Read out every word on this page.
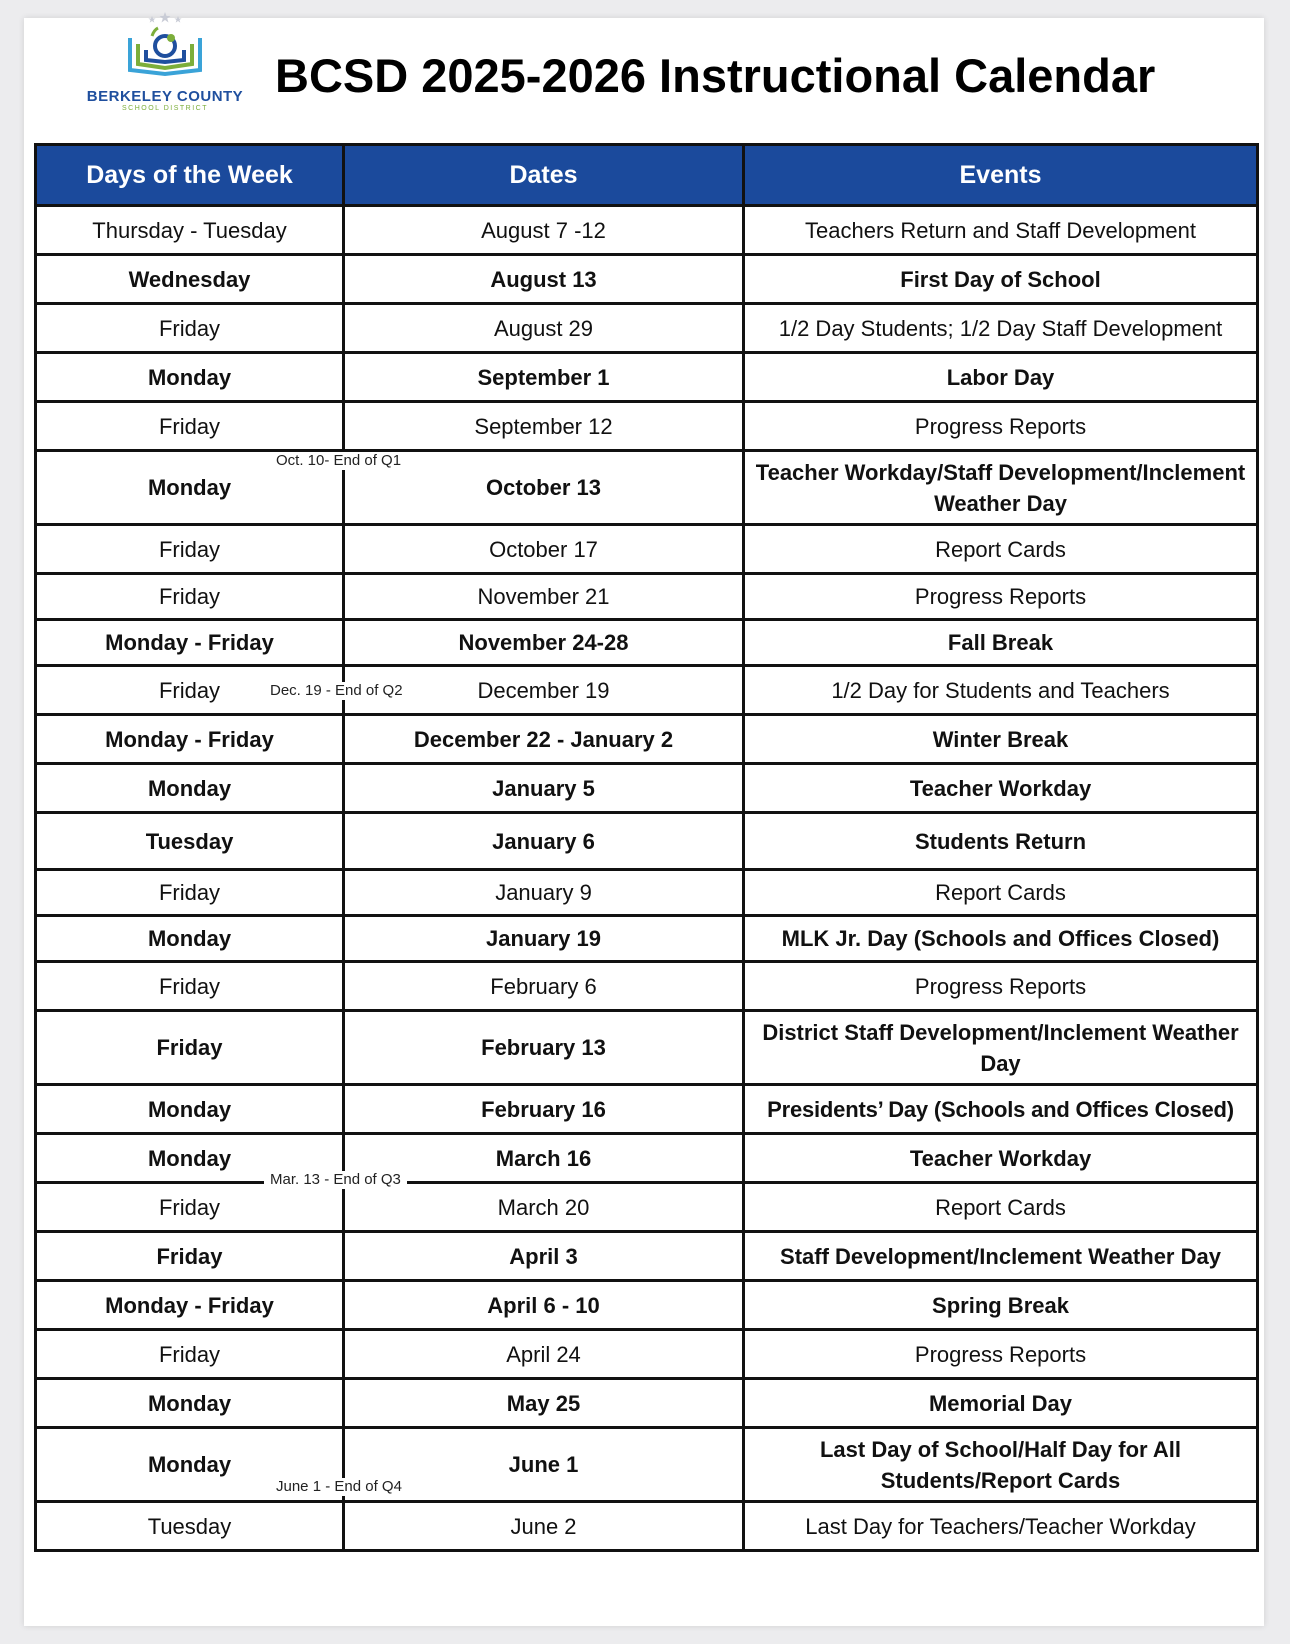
BERKELEY COUNTY
SCHOOL DISTRICT
BCSD 2025-2026 Instructional Calendar
Days of the Week	Dates	Events
Thursday - Tuesday	August 7 -12	Teachers Return and Staff Development
Wednesday	August 13	First Day of School
Friday	August 29	1/2 Day Students; 1/2 Day Staff Development
Monday	September 1	Labor Day
Friday	September 12	Progress Reports
Monday	October 13	Teacher Workday/Staff Development/Inclement Weather Day
Friday	October 17	Report Cards
Friday	November 21	Progress Reports
Monday - Friday	November 24-28	Fall Break
Friday	December 19	1/2 Day for Students and Teachers
Monday - Friday	December 22 - January 2	Winter Break
Monday	January 5	Teacher Workday
Tuesday	January 6	Students Return
Friday	January 9	Report Cards
Monday	January 19	MLK Jr. Day (Schools and Offices Closed)
Friday	February 6	Progress Reports
Friday	February 13	District Staff Development/Inclement Weather Day
Monday	February 16	Presidents’ Day (Schools and Offices Closed)
Monday	March 16	Teacher Workday
Friday	March 20	Report Cards
Friday	April 3	Staff Development/Inclement Weather Day
Monday - Friday	April 6 - 10	Spring Break
Friday	April 24	Progress Reports
Monday	May 25	Memorial Day
Monday	June 1	Last Day of School/Half Day for All Students/Report Cards
Tuesday	June 2	Last Day for Teachers/Teacher Workday
Oct. 10- End of Q1
Dec. 19 - End of Q2
Mar. 13 - End of Q3
June 1 - End of Q4
